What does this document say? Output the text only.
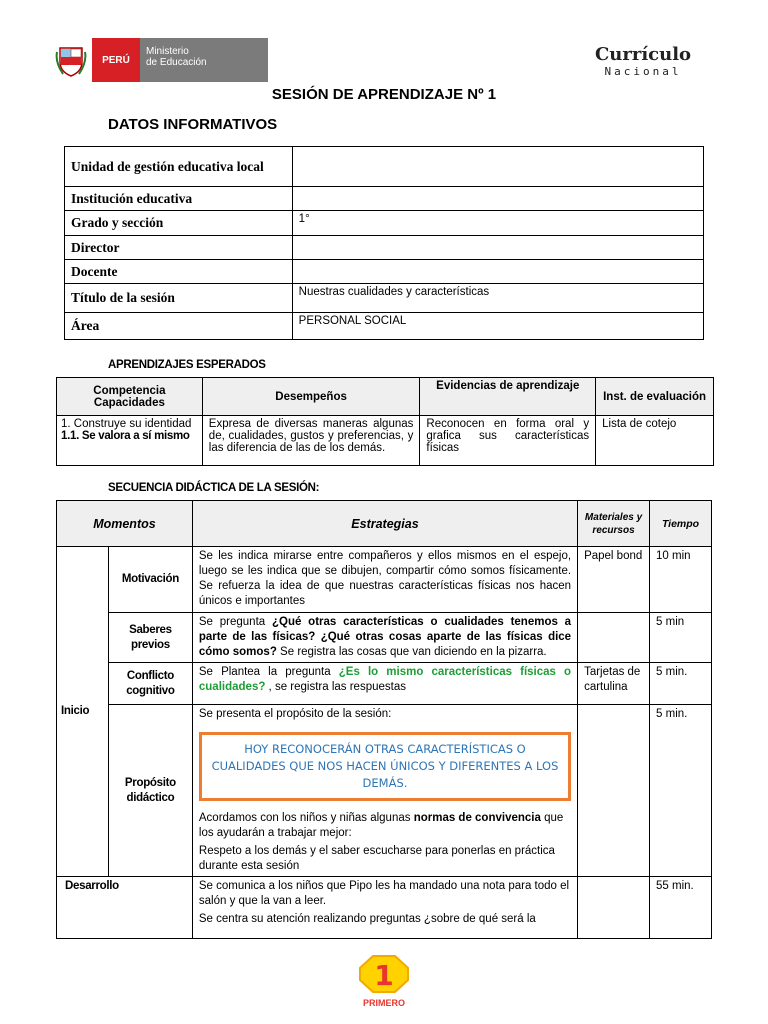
PERÚ
Ministerio
de Educación	Currículo
Nacional
SESIÓN DE APRENDIZAJE Nº 1
DATOS INFORMATIVOS
Unidad de gestión educativa local	
Institución educativa	
Grado y sección	1°
Director	
Docente	
Título de la sesión	Nuestras cualidades y características
Área	PERSONAL SOCIAL
APRENDIZAJES ESPERADOS
Competencia
Capacidades	Desempeños	Evidencias de aprendizaje	Inst. de evaluación

1. Construye su identidad
1.1. Se valora a sí mismo	Expresa de diversas maneras algunas de, cualidades, gustos y preferencias, y las diferencia de las de los demás.	Reconocen en forma oral y grafica sus características físicas	Lista de cotejo
SECUENCIA DIDÁCTICA DE LA SESIÓN:
Momentos		Estrategias	Materiales y recursos	Tiempo
Inicio	Motivación	Se les indica mirarse entre compañeros y ellos mismos en el espejo, luego se les indica que se dibujen, compartir cómo somos físicamente. Se refuerza la idea de que nuestras características físicas nos hacen únicos e importantes	Papel bond	10 min
	Saberes previos	Se pregunta ¿Qué otras características o cualidades tenemos a parte de las físicas? ¿Qué otras cosas aparte de las físicas dice cómo somos? Se registra las cosas que van diciendo en la pizarra.		5 min
	Conflicto cognitivo	Se Plantea la pregunta ¿Es lo mismo características físicas o cualidades? , se registra las respuestas	Tarjetas de cartulina	5 min.
	Propósito didáctico	Se presenta el propósito de la sesión:
HOY RECONOCERÁN OTRAS CARACTERÍSTICAS O CUALIDADES QUE NOS HACEN ÚNICOS Y DIFERENTES A LOS DEMÁS.
Acordamos con los niños y niñas algunas normas de convivencia que los ayudarán a trabajar mejor:
Respeto a los demás y el saber escucharse para ponerlas en práctica durante esta sesión		5 min.
Desarrollo		Se comunica a los niños que Pipo les ha mandado una nota para todo el salón y que la van a leer.
Se centra su atención realizando preguntas ¿sobre de qué será la		55 min.
1
PRIMERO
